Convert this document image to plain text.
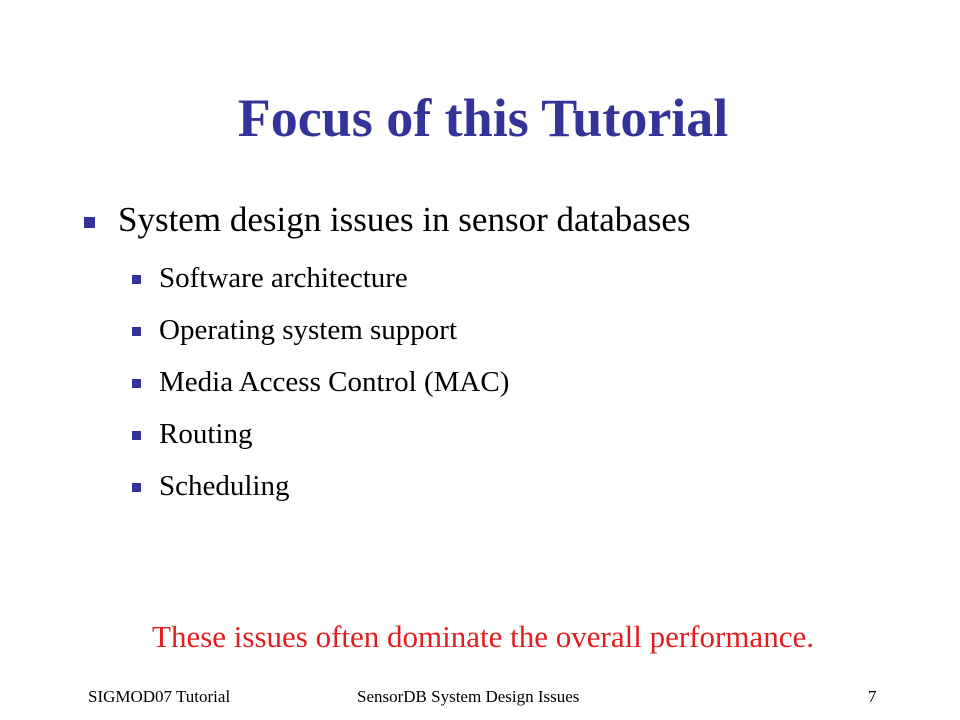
Focus of this Tutorial
System design issues in sensor databases
Software architecture
Operating system support
Media Access Control (MAC)
Routing
Scheduling
These issues often dominate the overall performance.
SIGMOD07 Tutorial	SensorDB System Design Issues	7
